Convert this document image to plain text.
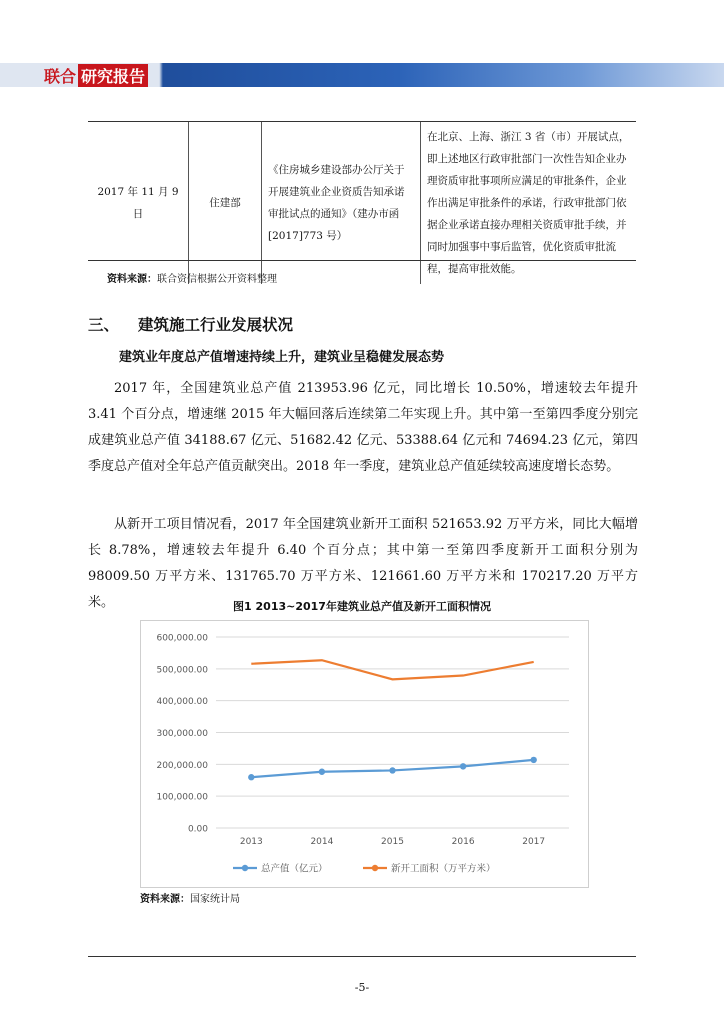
联合 研究报告
2017 年 11 月 9 日	住建部	《住房城乡建设部办公厅关于开展建筑业企业资质告知承诺审批试点的通知》（建办市函[2017]773 号）	在北京、上海、浙江 3 省（市）开展试点，即上述地区行政审批部门一次性告知企业办理资质审批事项所应满足的审批条件，企业作出满足审批条件的承诺，行政审批部门依据企业承诺直接办理相关资质审批手续，并同时加强事中事后监管，优化资质审批流程，提高审批效能。
资料来源：联合资信根据公开资料整理
三、 建筑施工行业发展状况
建筑业年度总产值增速持续上升，建筑业呈稳健发展态势
2017 年，全国建筑业总产值 213953.96 亿元，同比增长 10.50%，增速较去年提升 3.41 个百分点，增速继 2015 年大幅回落后连续第二年实现上升。其中第一至第四季度分别完成建筑业总产值 34188.67 亿元、51682.42 亿元、53388.64 亿元和 74694.23 亿元，第四季度总产值对全年总产值贡献突出。2018 年一季度，建筑业总产值延续较高速度增长态势。
从新开工项目情况看，2017 年全国建筑业新开工面积 521653.92 万平方米，同比大幅增长 8.78%，增速较去年提升 6.40 个百分点；其中第一至第四季度新开工面积分别为 98009.50 万平方米、131765.70 万平方米、121661.60 万平方米和 170217.20 万平方米。	图1 2013~2017年建筑业总产值及新开工面积情况
0.00
100,000.00
200,000.00
300,000.00
400,000.00
500,000.00
600,000.00
2013	2014	2015	2016	2017
总产值（亿元）	新开工面积（万平方米）
资料来源：国家统计局
-5-
